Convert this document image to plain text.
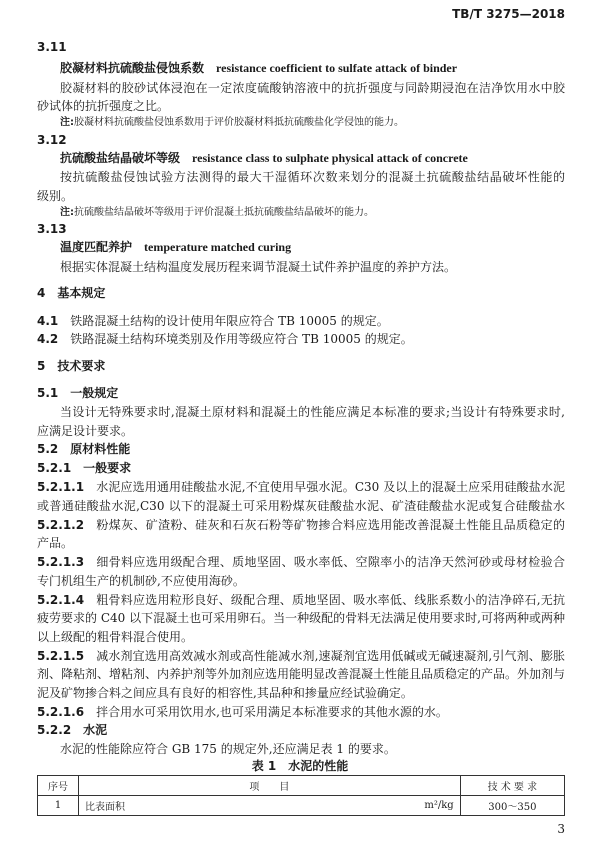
TB/T 3275—2018
3.11
胶凝材料抗硫酸盐侵蚀系数 resistance coefficient to sulfate attack of binder
胶凝材料的胶砂试体浸泡在一定浓度硫酸钠溶液中的抗折强度与同龄期浸泡在洁净饮用水中胶
砂试体的抗折强度之比。
注:胶凝材料抗硫酸盐侵蚀系数用于评价胶凝材料抵抗硫酸盐化学侵蚀的能力。
3.12
抗硫酸盐结晶破坏等级 resistance class to sulphate physical attack of concrete
按抗硫酸盐侵蚀试验方法测得的最大干湿循环次数来划分的混凝土抗硫酸盐结晶破坏性能的
级别。
注:抗硫酸盐结晶破坏等级用于评价混凝土抵抗硫酸盐结晶破坏的能力。
3.13
温度匹配养护 temperature matched curing
根据实体混凝土结构温度发展历程来调节混凝土试件养护温度的养护方法。
4 基本规定
4.1 铁路混凝土结构的设计使用年限应符合 TB 10005 的规定。
4.2 铁路混凝土结构环境类别及作用等级应符合 TB 10005 的规定。
5 技术要求
5.1 一般规定
当设计无特殊要求时,混凝土原材料和混凝土的性能应满足本标准的要求;当设计有特殊要求时,
应满足设计要求。
5.2 原材料性能
5.2.1 一般要求
5.2.1.1 水泥应选用通用硅酸盐水泥,不宜使用早强水泥。C30 及以上的混凝土应采用硅酸盐水泥
或普通硅酸盐水泥,C30 以下的混凝土可采用粉煤灰硅酸盐水泥、矿渣硅酸盐水泥或复合硅酸盐水
5.2.1.2 粉煤灰、矿渣粉、硅灰和石灰石粉等矿物掺合料应选用能改善混凝土性能且品质稳定的
产品。
5.2.1.3 细骨料应选用级配合理、质地坚固、吸水率低、空隙率小的洁净天然河砂或母材检验合
专门机组生产的机制砂,不应使用海砂。
5.2.1.4 粗骨料应选用粒形良好、级配合理、质地坚固、吸水率低、线胀系数小的洁净碎石,无抗
疲劳要求的 C40 以下混凝土也可采用卵石。当一种级配的骨料无法满足使用要求时,可将两种或两种
以上级配的粗骨料混合使用。
5.2.1.5 减水剂宜选用高效减水剂或高性能减水剂,速凝剂宜选用低碱或无碱速凝剂,引气剂、膨胀
剂、降粘剂、增粘剂、内养护剂等外加剂应选用能明显改善混凝土性能且品质稳定的产品。外加剂与
泥及矿物掺合料之间应具有良好的相容性,其品种和掺量应经试验确定。
5.2.1.6 拌合用水可采用饮用水,也可采用满足本标准要求的其他水源的水。
5.2.2 水泥
水泥的性能除应符合 GB 175 的规定外,还应满足表 1 的要求。
表 1　水泥的性能
序号	项　　目		技 术 要 求
1	比表面积	m²/kg	300～350
3
